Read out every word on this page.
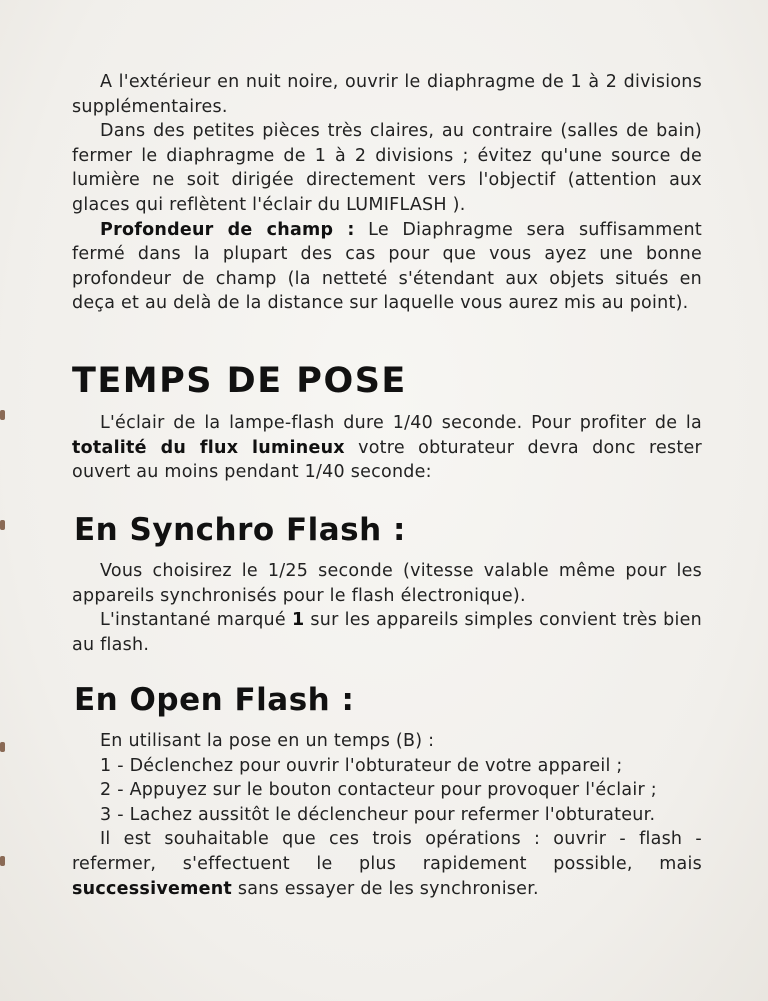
A l'extérieur en nuit noire, ouvrir le diaphragme de 1 à 2 divisions supplémentaires.

Dans des petites pièces très claires, au contraire (salles de bain) fermer le diaphragme de 1 à 2 divisions ; évitez qu'une source de lumière ne soit dirigée directement vers l'objectif (attention aux glaces qui reflètent l'éclair du LUMIFLASH ).

Profondeur de champ : Le Diaphragme sera suffisamment fermé dans la plupart des cas pour que vous ayez une bonne profondeur de champ (la netteté s'étendant aux objets situés en deça et au delà de la distance sur laquelle vous aurez mis au point).

TEMPS DE POSE

L'éclair de la lampe-flash dure 1/40 seconde. Pour profiter de la totalité du flux lumineux votre obturateur devra donc rester ouvert au moins pendant 1/40 seconde:

En Synchro Flash :

Vous choisirez le 1/25 seconde (vitesse valable même pour les appareils synchronisés pour le flash électronique).

L'instantané marqué 1 sur les appareils simples convient très bien au flash.

En Open Flash :

En utilisant la pose en un temps (B) :

1 - Déclenchez pour ouvrir l'obturateur de votre appareil ;

2 - Appuyez sur le bouton contacteur pour provoquer l'éclair ;

3 - Lachez aussitôt le déclencheur pour refermer l'obturateur.

Il est souhaitable que ces trois opérations : ouvrir - flash - refermer, s'effectuent le plus rapidement possible, mais successivement sans essayer de les synchroniser.
